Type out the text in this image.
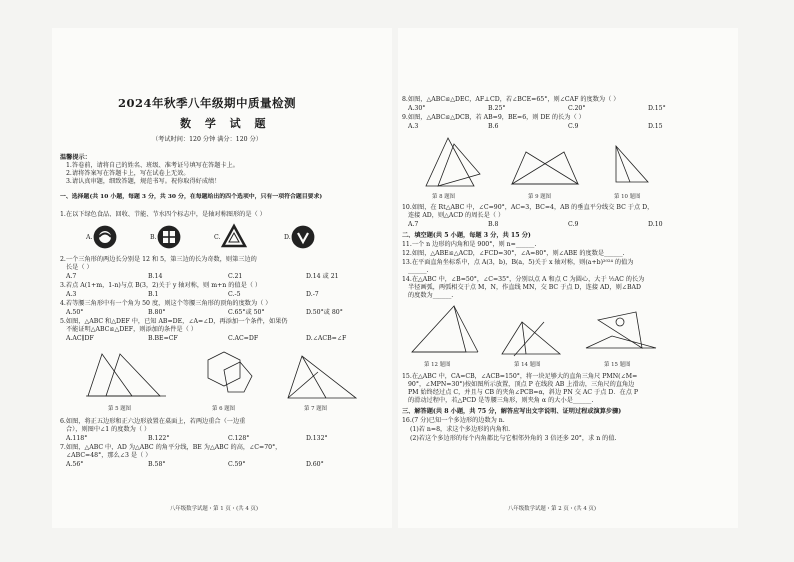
2024年秋季八年级期中质量检测
数 学 试 题
（考试时间：120 分钟 满分：120 分）
温馨提示：
1.答卷前，请将自己的姓名、班级、准考证号填写在答题卡上。
2.请将答案写在答题卡上，写在试卷上无效。
3.请认真审题，细致答题，规范书写。祝你取得好成绩！
一、选择题(共 10 小题，每题 3 分，共 30 分，在每题给出的四个选项中，只有一项符合题目要求)
1.在以下绿色食品、回收、节能、节水四个标志中，是轴对称图形的是（ ）
A.	B.	C.	D.
2.一个三角形的两边长分别是 12 和 5，第三边的长为奇数，则第三边的
长是（ ）
A.7	B.14	C.21	D.14 或 21
3.若点 A(1+m，1-n)与点 B(3，2)关于 y 轴对称，则 m+n 的值是（ ）
A.3	B.1	C.-5	D.-7
4.若等腰三角形中有一个角为 50 度，则这个等腰三角形的顶角的度数为（ ）
A.50°	B.80°	C.65°或 50°	D.50°或 80°
5.如图，△ABC 和△DEF 中，已知 AB=DE，∠A=∠D，再添加一个条件，如果仍
不能证明△ABC≌△DEF，则添加的条件是（ ）
A.AC∥DF	B.BE=CF	C.AC=DF	D.∠ACB=∠F
第 5 题图	第 6 题图	第 7 题图
6.如图，将正五边形和正六边形放置在桌面上，若两边重合（一边重
合），则图中∠1 的度数为（ ）
A.118°	B.122°	C.128°	D.132°
7.如图，△ABC 中，AD 为△ABC 的角平分线，BE 为△ABC 的高，∠C=70°，
∠ABC=48°，那么∠3 是（ ）
A.56°	B.58°	C.59°	D.60°
八年级数学试题・第 1 页・(共 4 页)
8.如图，△ABC≌△DEC，AF⊥CD，若∠BCE=65°，则∠CAF 的度数为（ ）
A.30°	B.25°	C.20°	D.15°
9.如图，△ABC≌△DCB，若 AB=9，BE=6，则 DE 的长为（ ）
A.3	B.6	C.9	D.15
第 8 题图	第 9 题图	第 10 题图
10.如图，在 Rt△ABC 中，∠C=90°，AC=3，BC=4，AB 的垂直平分线交 BC 于点 D，
连接 AD，则△ACD 的周长是（ ）
A.7	B.8	C.9	D.10
二、填空题(共 5 小题，每题 3 分，共 15 分)
11.一个 n 边形的内角和是 900°，则 n=______.
12.如图，△ABE≌△ACD，∠FCD=30°，∠A=80°，则∠ABE 的度数是______.
13.在平面直角坐标系中，点 A(3，b)，B(a，5)关于 x 轴对称，则(a+b)²⁰²⁴ 的值为
______.
14.在△ABC 中，∠B=50°，∠C=35°，分别以点 A 和点 C 为圆心，大于 ½AC 的长为
半径画弧，两弧相交于点 M，N，作直线 MN，交 BC 于点 D，连接 AD，则∠BAD
的度数为______.
第 12 题图	第 14 题图	第 15 题图
15.在△ABC 中，CA=CB，∠ACB=150°，将一块足够大的直角三角尺 PMN(∠M=
90°，∠MPN=30°)按如图所示放置，顶点 P 在线段 AB 上滑动，三角尺的直角边
PM 始终经过点 C，并且与 CB 的夹角∠PCB=α，斜边 PN 交 AC 于点 D．在点 P
的滑动过程中，若△PCD 是等腰三角形，则夹角 α 的大小是______.
三、解答题(共 8 小题，共 75 分，解答应写出文字说明、证明过程或演算步骤)
16.(7 分)已知一个多边形的边数为 n.
(1)若 n=8，求这个多边形的内角和.
(2)若这个多边形的每个内角都比与它相邻外角的 3 倍还多 20°，求 n 的值.
八年级数学试题・第 2 页・(共 4 页)
